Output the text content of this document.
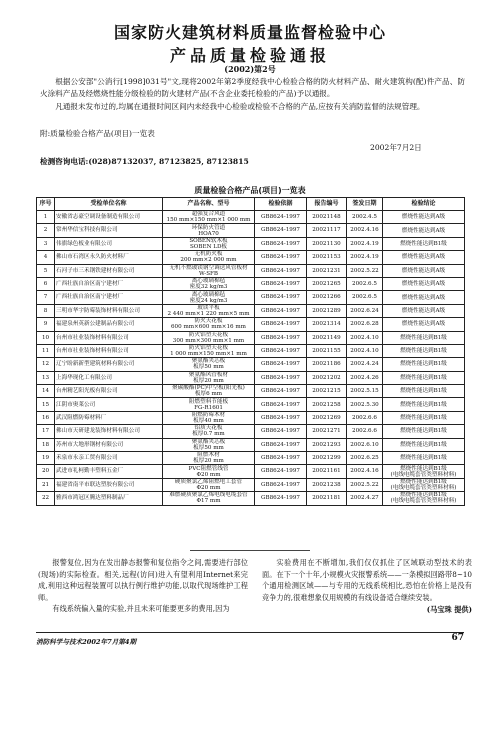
国家防火建筑材料质量监督检验中心
产品质量检验通报
(2002)第2号
根据公安部"公消行[1998]031号"文,现将2002年第2季度经我中心检验合格的防火材料产品、耐火建筑构(配)件产品、防火涂料产品及经燃烧性能分级检验的防火建材产品(不含企业委托检验的产品)予以通报。
凡通报未发布过的,均属在通报时间区间内未经我中心检验或检验不合格的产品,应按有关消防监督的法规管理。
附:质量检验合格产品(项目)一览表
2002年7月2日
检测咨询电话:(028)87132037, 87123825, 87123815
质量检验合格产品(项目)一览表
序号	受检单位名称	产品名称、型号	检验依据	报告编号	签发日期	检验结论
1	安徽省志豪空调设备制造有限公司	超强复合风道
150 mm×150 mm×1 000 mm	GB8624-1997	20021148	2002.4.5	燃烧性能达到A级
2	常州华信宝科技有限公司	环保防火管道
HOA70	GB8624-1997	20021117	2002.4.16	燃烧性能达到A级
3	伟旗绿色板业有限公司	SOBEN软木板
SOBEN LD板	GB8624-1997	20021130	2002.4.19	燃烧性能达到B1级
4	佛山市石湾区永久防火材料厂	无机防火板
200 mm×2 000 mm	GB8624-1997	20021153	2002.4.19	燃烧性能达到A级
5	石河子市三禾钢铁建材有限公司	无机不燃玻镁钢空调送风管板材
W-SFB	GB8624-1997	20021231	2002.5.22	燃烧性能达到A级
6	广西壮族自治区南宁建材厂	离心玻璃棉毡
密度32 kg/m3	GB8624-1997	20021265	2002.6.5	燃烧性能达到A级
7	广西壮族自治区南宁建材厂	离心玻璃棉毡
密度24 kg/m3	GB8624-1997	20021266	2002.6.5	燃烧性能达到A级
8	三明市华宇防霉装饰材料有限公司	玻镁平板
2 440 mm×1 220 mm×5 mm	GB8624-1997	20021289	2002.6.24	燃烧性能达到A级
9	福建泉州英新公建制品有限公司	防火天花板
600 mm×600 mm×16 mm	GB8624-1997	20021314	2002.6.28	燃烧性能达到A级
10	台州市社业装饰材料有限公司	防火铝塑天花板
300 mm×300 mm×1 mm	GB8624-1997	20021149	2002.4.10	燃烧性能达到B1级
11	台州市社业装饰材料有限公司	防火铝塑天花板
1 000 mm×150 mm×1 mm	GB8624-1997	20021155	2002.4.10	燃烧性能达到B1级
12	辽宁盼新新型建筑材料有限公司	聚氨酯夹芯板
板厚50 mm	GB8624-1997	20021186	2002.4.24	燃烧性能达到B1级
13	上海华现化工有限公司	聚氨酯风管板材
板厚20 mm	GB8624-1997	20021202	2002.4.26	燃烧性能达到B1级
14	台州精艺阳光板有限公司	聚碳酸酯(PC)中空板(阳光板)
板厚6 mm	GB8624-1997	20021215	2002.5.15	燃烧性能达到B1级
15	江阴市奥莱公司	阻燃塑料节能板
FG-R1601	GB8624-1997	20021258	2002.5.30	燃烧性能达到B1级
16	武汉阻燃防霉材料厂	阻燃防霉木材
板厚40 mm	GB8624-1997	20021269	2002.6.6	燃烧性能达到B1级
17	佛山市天研建龙装饰材料有限公司	铝质天花板
板厚0.7 mm	GB8624-1997	20021271	2002.6.6	燃烧性能达到B1级
18	苏州市大地形钢材有限公司	聚氨酯夹芯板
板厚50 mm	GB8624-1997	20021293	2002.6.10	燃烧性能达到B1级
19	禾泉市永亲工贸有限公司	阻燃木材
板厚20 mm	GB8624-1997	20021299	2002.6.25	燃烧性能达到B1级
20	武进市礼柯勤丰塑料五金厂	PVC阻燃管线管
Φ20 mm	GB8624-1997	20021161	2002.4.16	燃烧性能达到B1级
(电线电缆套管类塑料材料)
21	福建省南平市联达塑胶有限公司	硬质聚氯乙烯阻燃电工套管
Φ20 mm	GB8624-1997	20021238	2002.5.22	燃烧性能达到B1级
(电线电缆套管类塑料材料)
22	雅西市鸿冠区腾达塑料制品厂	难燃硬质聚氯乙烯电线电缆套管
Φ17 mm	GB8624-1997	20021181	2002.4.27	燃烧性能达到B1级
(电线电缆套管类塑料材料)

报警复位,因为在发出静态报警和复位指令之间,需要进行部位(现场)的实际检查。相关,远程(访问)进入有望利用Internet来完成,利用这种远程装置可以执行例行维护功能,以取代现场维护工程师。

有线系统偏入量的实验,并且未来可能要更多的费用,因为

实验费用在不断增加,我们仅仅抓住了区域联动型技术的表面。在下一个十年,小规模火灾报警系统——一条模拟回路带8~10个通用检测区域——与专用的无线系统相比,恐怕在价格上是没有竞争力的,很难想象仅用规模的有线设备适合继续安装。

(马宝珠 提供)
消防科学与技术2002年7月第4期	67
